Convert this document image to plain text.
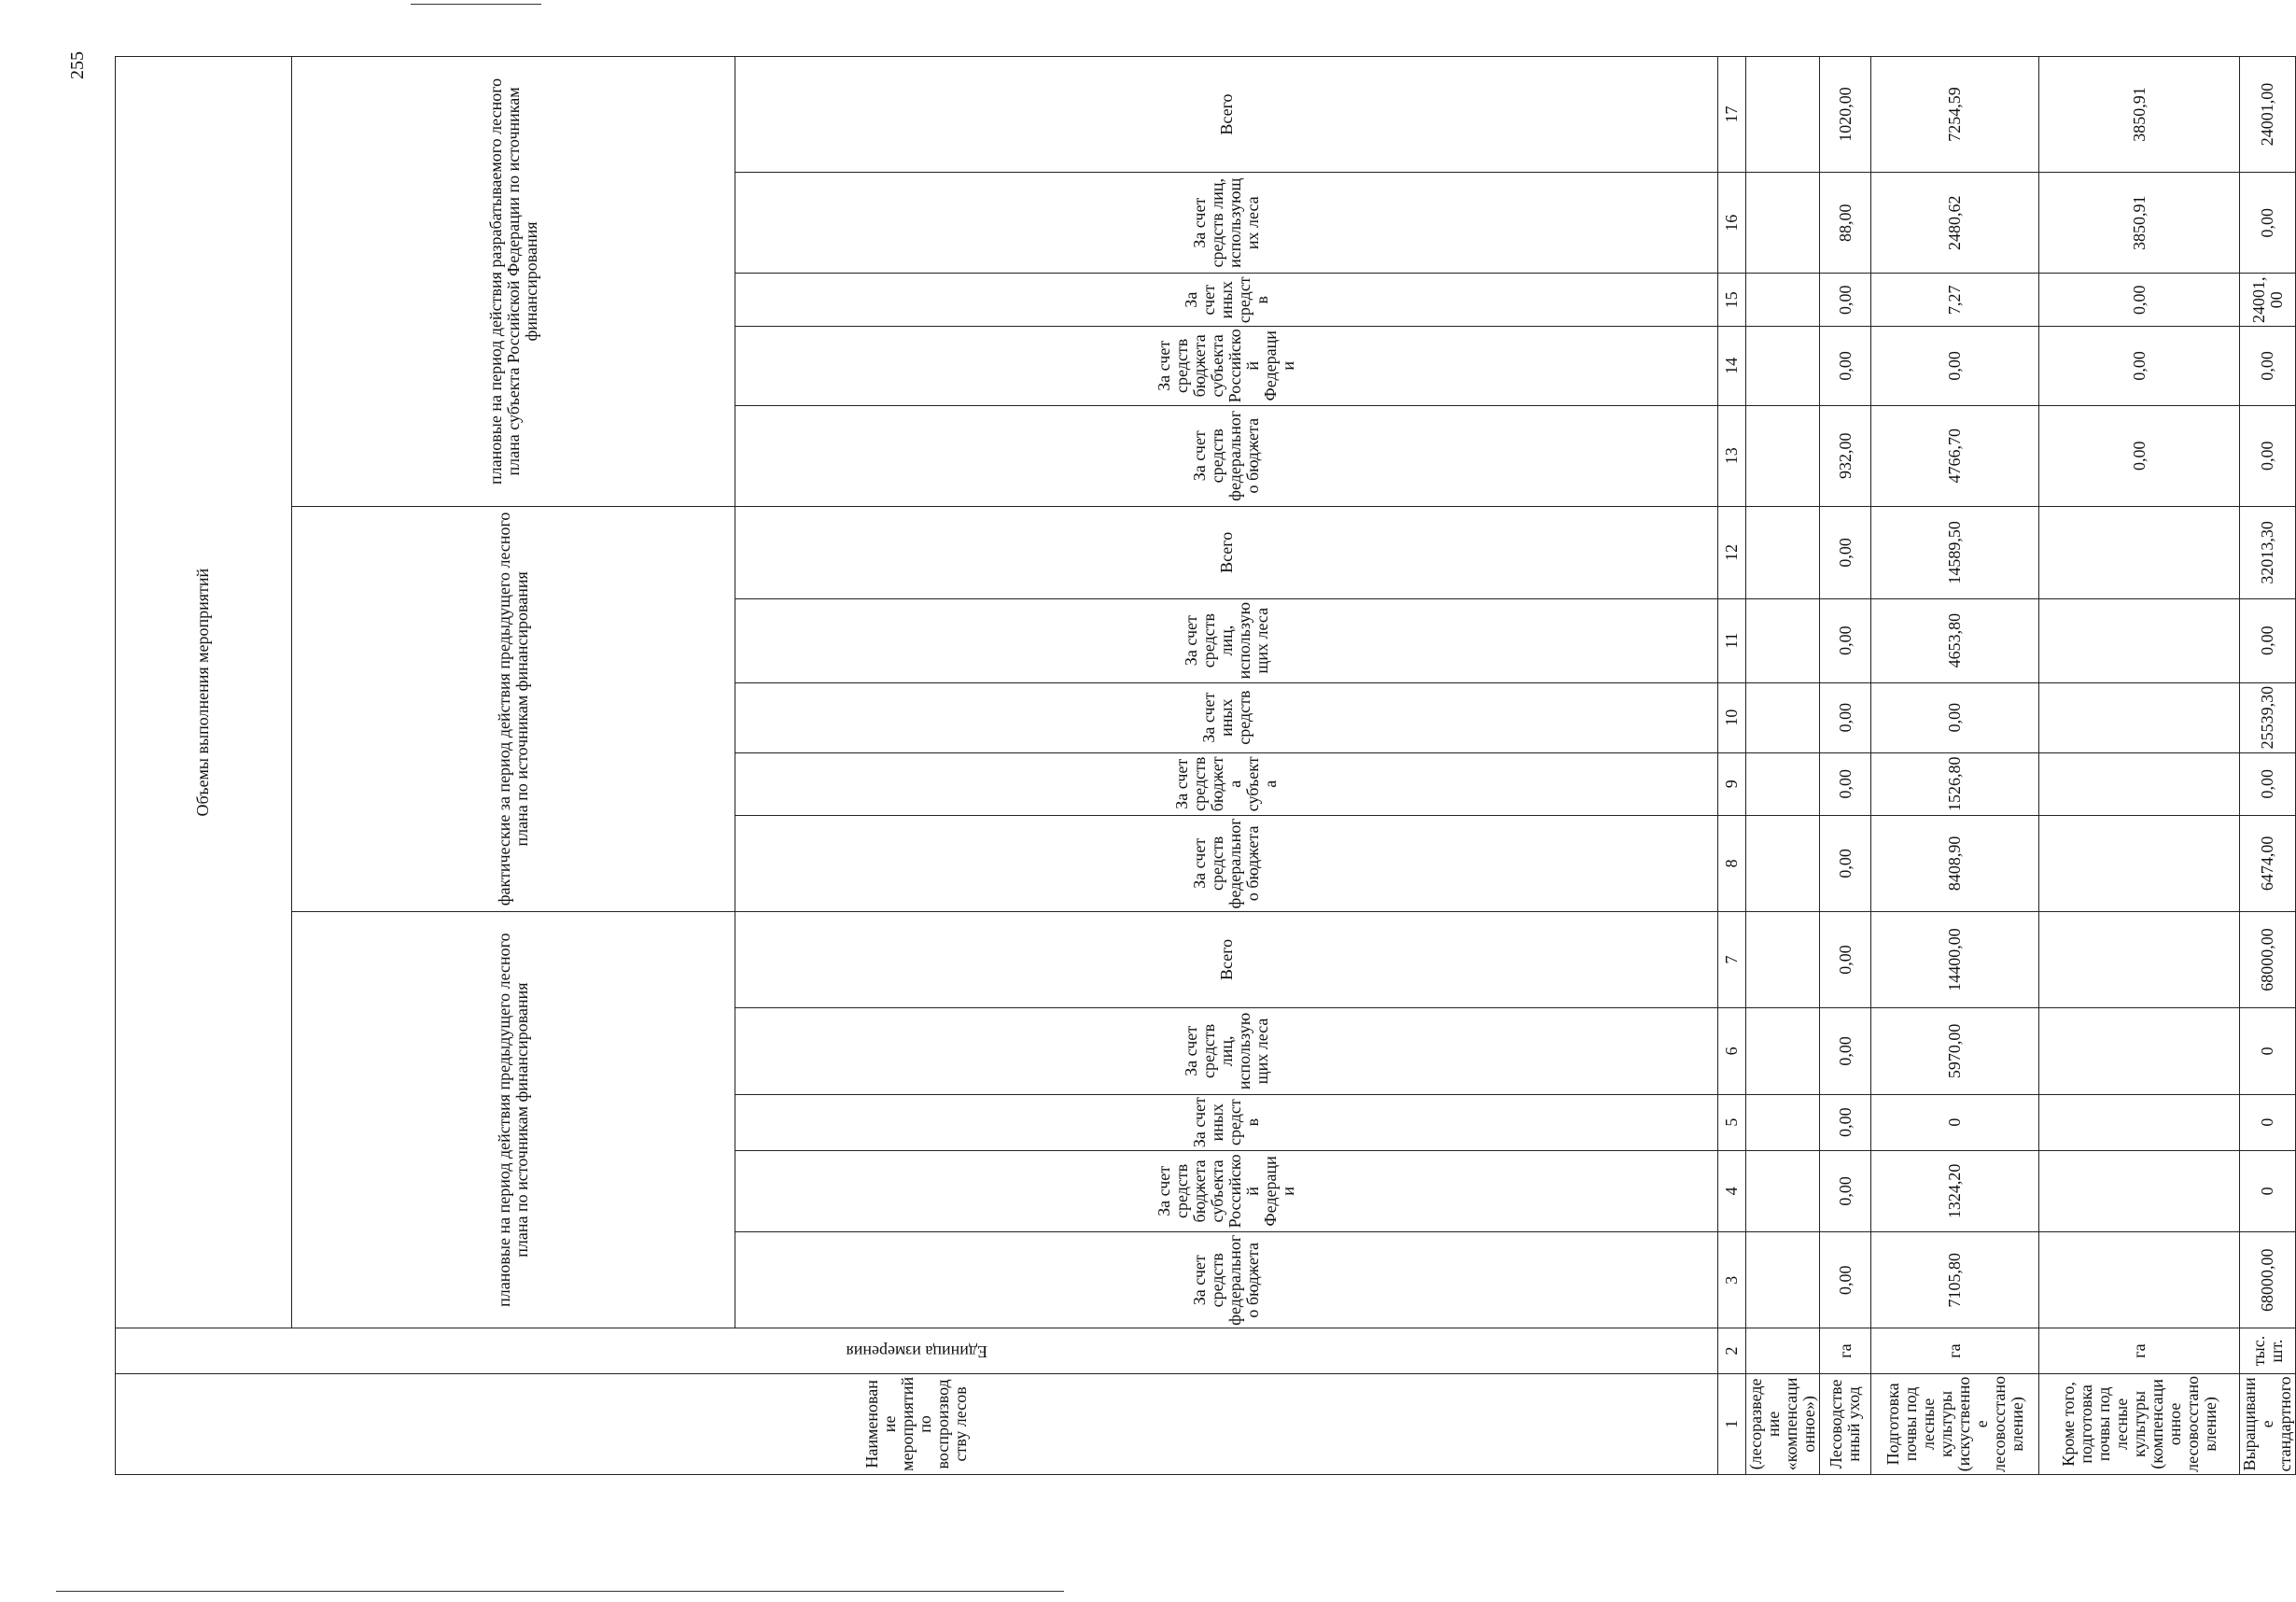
255
Наименование мероприятий по воспроизводству лесов	Единица измерения	Объемы выполнения мероприятий														
		плановые на период действия предыдущего лесного плана по источникам финансирования					фактические за период действия предыдущего лесного плана по источникам финансирования					плановые на период действия разрабатываемого лесного плана субъекта Российской Федерации по источникам финансирования				
		За счет средств федерального бюджета	За счет средств бюджета субъекта Российской Федерации	За счет иных средств	За счет средств лиц, использующих леса	Всего	За счет средств федерального бюджета	За счет средств бюджета субъекта	За счет иных средств	За счет средств лиц, использующих леса	Всего	За счет средств федерального бюджета	За счет средств бюджета субъекта Российской Федерации	За счет иных средств	За счет средств лиц, использующих леса	Всего
1	2	3	4	5	6	7	8	9	10	11	12	13	14	15	16	17
(лесоразведение «компенсационное»)																
Лесоводственный уход	га	0,00	0,00	0,00	0,00	0,00	0,00	0,00	0,00	0,00	0,00	932,00	0,00	0,00	88,00	1020,00
Подготовка почвы под лесные культуры (искуственное лесовосстановление)	га	7105,80	1324,20	0	5970,00	14400,00	8408,90	1526,80	0,00	4653,80	14589,50	4766,70	0,00	7,27	2480,62	7254,59
Кроме того, подготовка почвы под лесные культуры (компенсационное лесовосстановление)	га											0,00	0,00	0,00	3850,91	3850,91
Выращивание стандартного	тыс.шт.	68000,00	0	0	0	68000,00	6474,00	0,00	25539,30	0,00	32013,30	0,00	0,00	24001,00	0,00	24001,00
